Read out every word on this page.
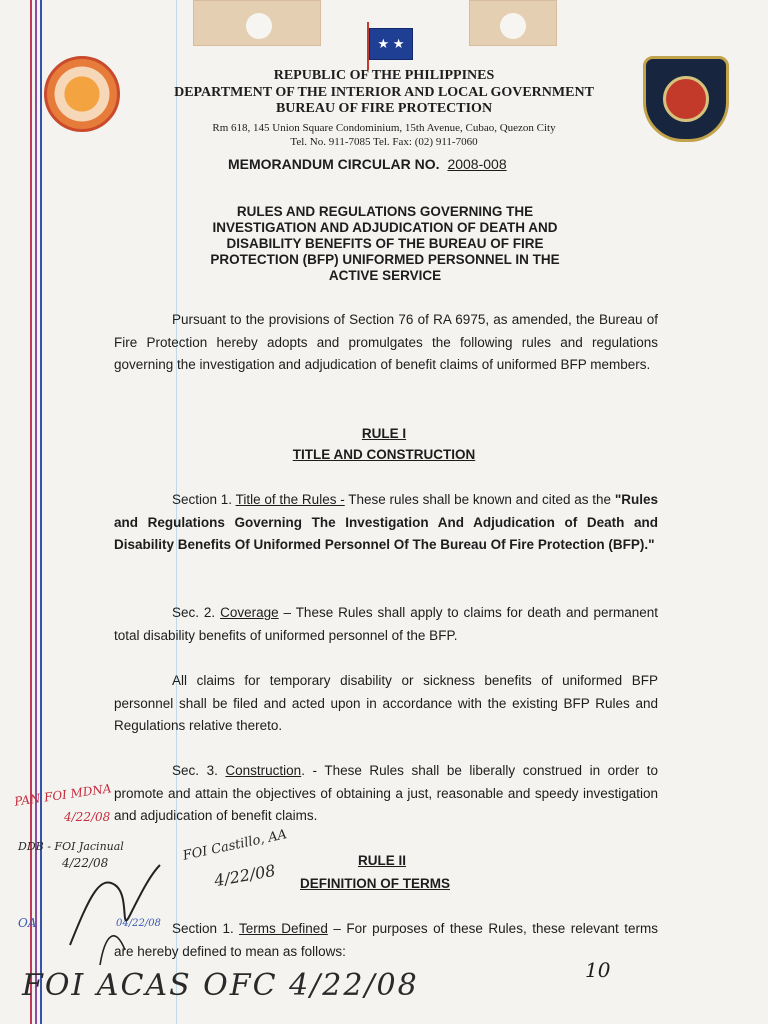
★ ★
REPUBLIC OF THE PHILIPPINES
DEPARTMENT OF THE INTERIOR AND LOCAL GOVERNMENT
BUREAU OF FIRE PROTECTION
Rm 618, 145 Union Square Condominium, 15th Avenue, Cubao, Quezon City
Tel. No. 911-7085 Tel. Fax: (02) 911-7060
MEMORANDUM CIRCULAR NO. 2008-008
RULES AND REGULATIONS GOVERNING THE
INVESTIGATION AND ADJUDICATION OF DEATH AND
DISABILITY BENEFITS OF THE BUREAU OF FIRE
PROTECTION (BFP) UNIFORMED PERSONNEL IN THE
ACTIVE SERVICE
Pursuant to the provisions of Section 76 of RA 6975, as amended, the Bureau of Fire Protection hereby adopts and promulgates the following rules and regulations governing the investigation and adjudication of benefit claims of uniformed BFP members.
RULE I
TITLE AND CONSTRUCTION
Section 1. Title of the Rules - These rules shall be known and cited as the "Rules and Regulations Governing The Investigation And Adjudication of Death and Disability Benefits Of Uniformed Personnel Of The Bureau Of Fire Protection (BFP)."
Sec. 2. Coverage – These Rules shall apply to claims for death and permanent total disability benefits of uniformed personnel of the BFP.
All claims for temporary disability or sickness benefits of uniformed BFP personnel shall be filed and acted upon in accordance with the existing BFP Rules and Regulations relative thereto.
Sec. 3. Construction. - These Rules shall be liberally construed in order to promote and attain the objectives of obtaining a just, reasonable and speedy investigation and adjudication of benefit claims.
RULE II
DEFINITION OF TERMS
Section 1. Terms Defined – For purposes of these Rules, these relevant terms are hereby defined to mean as follows:
PAN FOI MDNA
4/22/08
DDB - FOI Jacinual
4/22/08	FOI Castillo, AA
4/22/08
OA	04/22/08
FOI ACAS OFC 4/22/08	10
